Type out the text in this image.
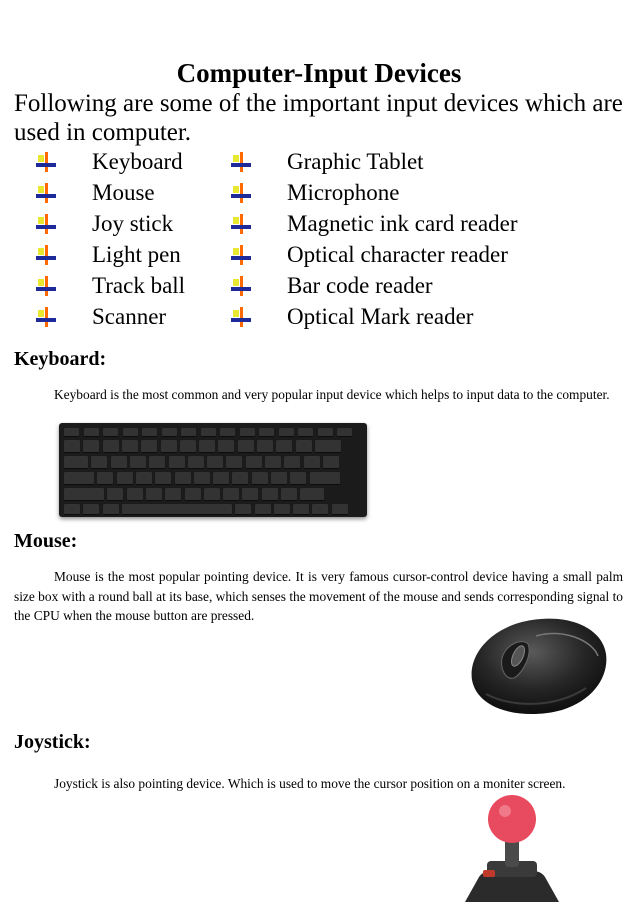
Computer-Input Devices
Following are some of the important input devices which are used in computer.
Keyboard	Graphic Tablet
Mouse	Microphone
Joy stick	Magnetic ink card reader
Light pen	Optical character reader
Track ball	Bar code reader
Scanner	Optical Mark reader
Keyboard:
Keyboard is the most common and very popular input device which helps to input data to the computer.
Mouse:
Mouse is the most popular pointing device. It is very famous cursor-control device having a small palm size box with a round ball at its base, which senses the movement of the mouse and sends corresponding signal to the CPU when the mouse button are pressed.
Joystick:
Joystick is also pointing device. Which is used to move the cursor position on a moniter screen.
